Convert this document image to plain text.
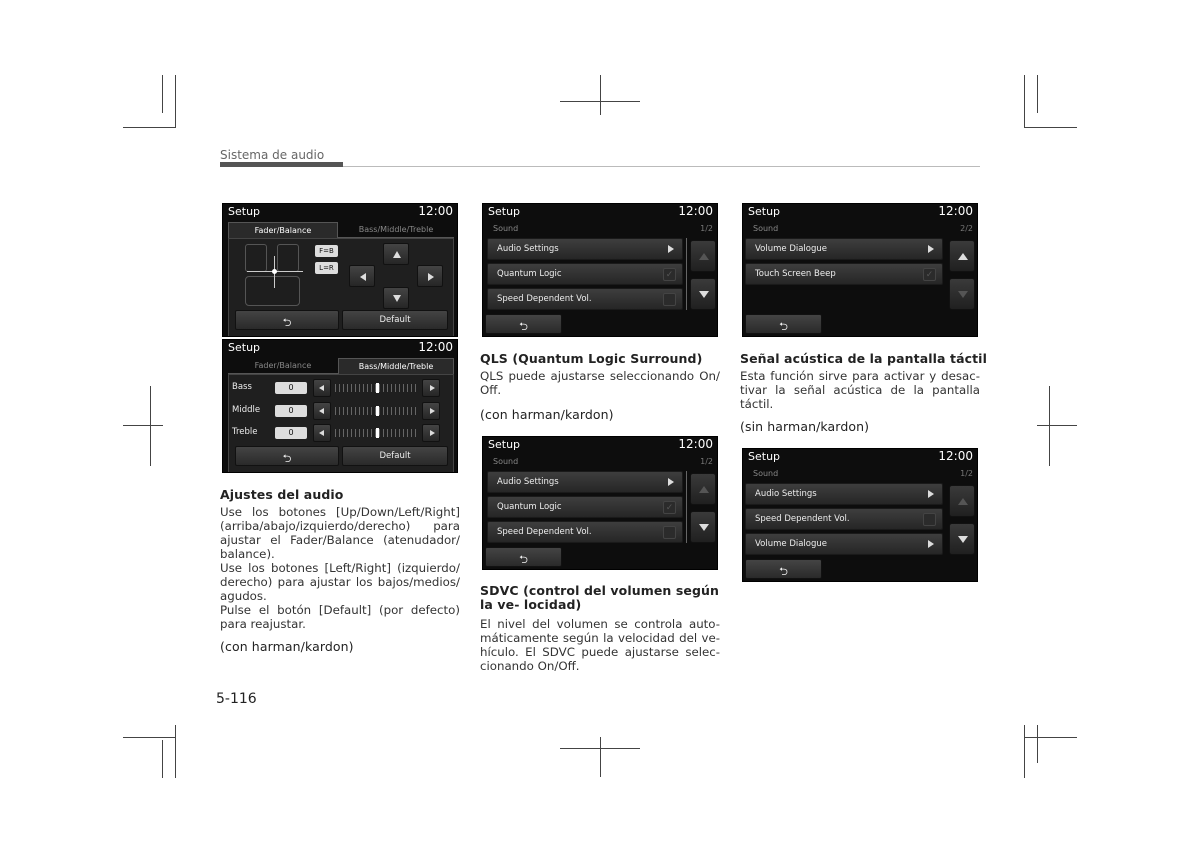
Sistema de audio
Setup	12:00
Fader/Balance	Bass/Middle/Treble
F=B
L=R
⮌	Default
Setup	12:00
Fader/Balance	Bass/Middle/Treble
Bass	0
Middle	0
Treble	0
⮌	Default
Setup	12:00
Sound	1/2
Audio Settings
Quantum Logic	✓
Speed Dependent Vol.
⮌
Setup	12:00
Sound	2/2
Volume Dialogue
Touch Screen Beep	✓
⮌
Setup	12:00
Sound	1/2
Audio Settings
Quantum Logic	✓
Speed Dependent Vol.
⮌
Setup	12:00
Sound	1/2
Audio Settings
Speed Dependent Vol.
Volume Dialogue
⮌
Ajustes del audio
Use los botones [Up/Down/Left/Right] (arriba/abajo/izquierdo/derecho) para ajustar el Fader/Balance (atenudador/ balance).
Use los botones [Left/Right] (izquierdo/ derecho) para ajustar los bajos/medios/ agudos.
Pulse el botón [Default] (por defecto) para reajustar.
(con harman/kardon)
QLS (Quantum Logic Surround)
QLS puede ajustarse seleccionando On/ Off.
(con harman/kardon)
SDVC (control del volumen según la ve- locidad)
El nivel del volumen se controla auto- máticamente según la velocidad del ve- hículo. El SDVC puede ajustarse selec- cionando On/Off.
Señal acústica de la pantalla táctil
Esta función sirve para activar y desac- tivar la señal acústica de la pantalla táctil.
(sin harman/kardon)
5-116
